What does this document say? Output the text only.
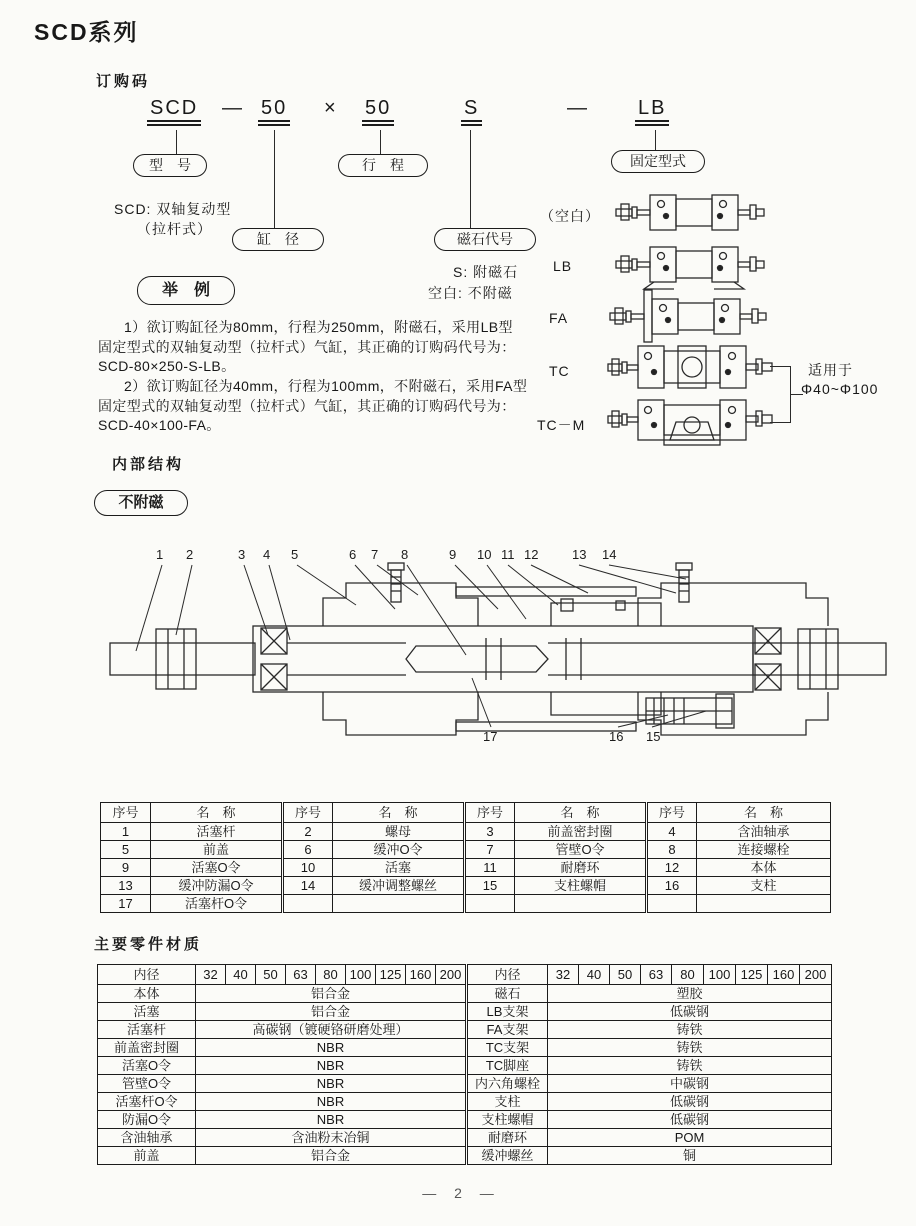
SCD系列
订购码
SCD — 50 × 50	S	— LB
型　号	行　程	固定型式
缸　径	磁石代号
SCD: 双轴复动型
（拉杆式）
S: 附磁石
空白: 不附磁
举　例
1）欲订购缸径为80mm，行程为250mm，附磁石，采用LB型
固定型式的双轴复动型（拉杆式）气缸，其正确的订购码代号为：
SCD-80×250-S-LB。
2）欲订购缸径为40mm，行程为100mm，不附磁石，采用FA型
固定型式的双轴复动型（拉杆式）气缸，其正确的订购码代号为：
SCD-40×100-FA。
（空白）
LB
FA
TC
TC－M
适用于
Φ40~Φ100
内部结构
不附磁
1 2	3 4 5	6 7 8	9 10 11 12	13 14
15
16
17
序号	名　称	序号	名　称	序号	名　称	序号	名　称
1	活塞杆	2	螺母	3	前盖密封圈	4	含油轴承
5	前盖	6	缓冲O令	7	管壁O令	8	连接螺栓
9	活塞O令	10	活塞	11	耐磨环	12	本体
13	缓冲防漏O令	14	缓冲调整螺丝	15	支柱螺帽	16	支柱
17	活塞杆O令						
主要零件材质
内径	32	40	50	63	80	100	125	160	200
本体	铝合金								
活塞	铝合金								
活塞杆	高碳钢（镀硬铬研磨处理）								
前盖密封圈	NBR								
活塞O令	NBR								
管壁O令	NBR								
活塞杆O令	NBR								
防漏O令	NBR								
含油轴承	含油粉末冶铜								
前盖	铝合金								
内径	32	40	50	63	80	100	125	160	200
磁石	塑胶								
LB支架	低碳钢								
FA支架	铸铁								
TC支架	铸铁								
TC脚座	铸铁								
内六角螺栓	中碳钢								
支柱	低碳钢								
支柱螺帽	低碳钢								
耐磨环	POM								
缓冲螺丝	铜								
— 2 —
